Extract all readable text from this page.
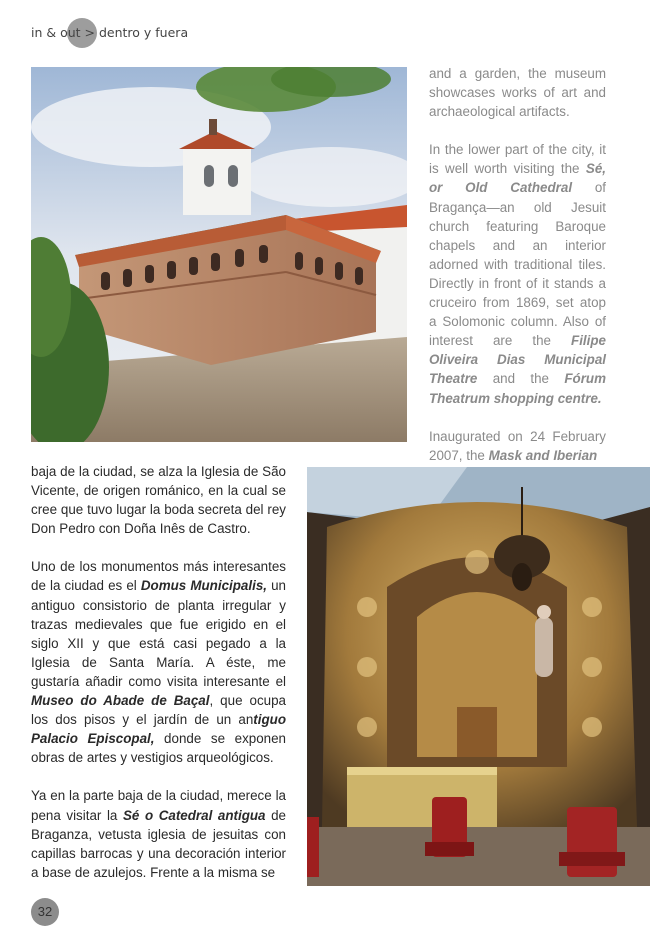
in & out > dentro y fuera

and a garden, the museum showcases works of art and archaeological artifacts.

In the lower part of the city, it is well worth visiting the Sé, or Old Cathedral of Bragança—an old Jesuit church featuring Baroque chapels and an interior adorned with traditional tiles. Directly in front of it stands a cruceiro from 1869, set atop a Solomonic column. Also of interest are the Filipe Oliveira Dias Municipal Theatre and the Fórum Theatrum shopping centre.

Inaugurated on 24 February 2007, the Mask and Iberian

baja de la ciudad, se alza la Iglesia de São Vicente, de origen románico, en la cual se cree que tuvo lugar la boda secreta del rey Don Pedro con Doña Inês de Castro.

Uno de los monumentos más interesantes de la ciudad es el Domus Municipalis, un antiguo consistorio de planta irregular y trazas medievales que fue erigido en el siglo XII y que está casi pegado a la Iglesia de Santa María. A éste, me gustaría añadir como visita interesante el Museo do Abade de Baçal, que ocupa los dos pisos y el jardín de un antiguo Palacio Episcopal, donde se exponen obras de artes y vestigios arqueológicos.

Ya en la parte baja de la ciudad, merece la pena visitar la Sé o Catedral antigua de Braganza, vetusta iglesia de jesuitas con capillas barrocas y una decoración interior a base de azulejos. Frente a la misma se

32
